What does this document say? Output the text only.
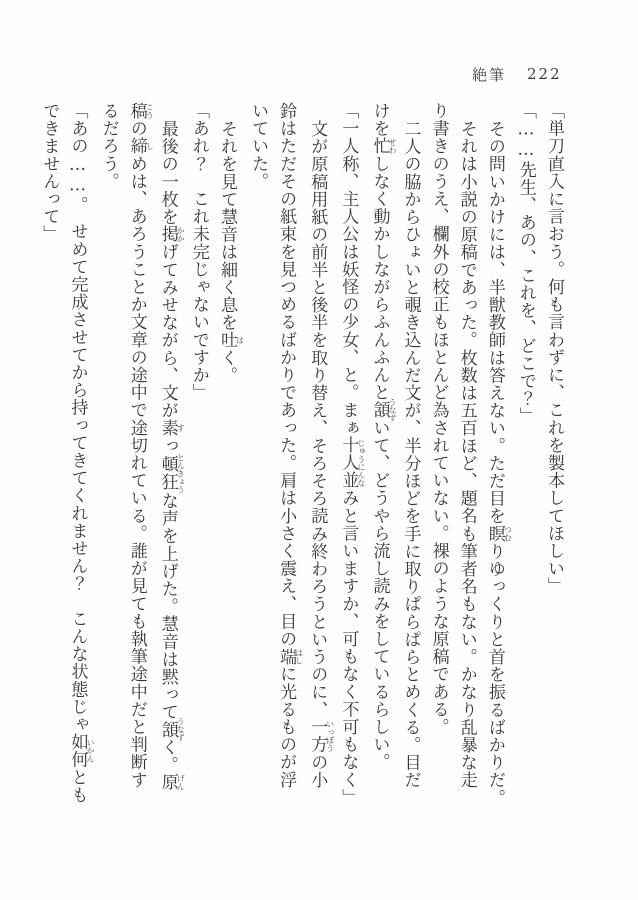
絶筆 222

「単刀直入に言おう。何も言わずに、これを製本してほしい」

「……先生、あの、これを、どこで？」

その問いかけには、半獣教師は答えない。ただ目を瞑つむりゆっくりと首を振るばかりだ。

それは小説の原稿であった。枚数は五百ほど、題名も筆者名もない。かなり乱暴な走

り書きのうえ、欄外の校正もほとんど為されていない。裸のような原稿である。

二人の脇からひょいと覗き込んだ文が、半分ほどを手に取りぱらぱらとめくる。目だ

けを忙せわしなく動かしながらふんふんと頷うなずいて、どうやら流し読みをしているらしい。

「一人称、主人公は妖怪の少女、と。まぁ十人並じゅうにんなみと言いますか、可もなく不可もなく」

文が原稿用紙の前半と後半を取り替え、そろそろ読み終わろうというのに、一方いっぽうの小

鈴はただその紙束を見つめるばかりであった。肩は小さく震え、目の端はしに光るものが浮

いていた。

それを見て慧音は細く息を吐はく。

「あれ？　これ未完じゃないですか」

最後の一枚を掲かかげてみせながら、文が素すっ頓狂とんきょうな声を上げた。慧音は黙って頷うなずく。原げん

稿こうの締しめは、あろうことか文章の途中で途切れている。誰が見ても執筆途中だと判断す

るだろう。

「あの……。　せめて完成させてから持ってきてくれません？　こんな状態じゃ如何いかんとも

できませんって」
